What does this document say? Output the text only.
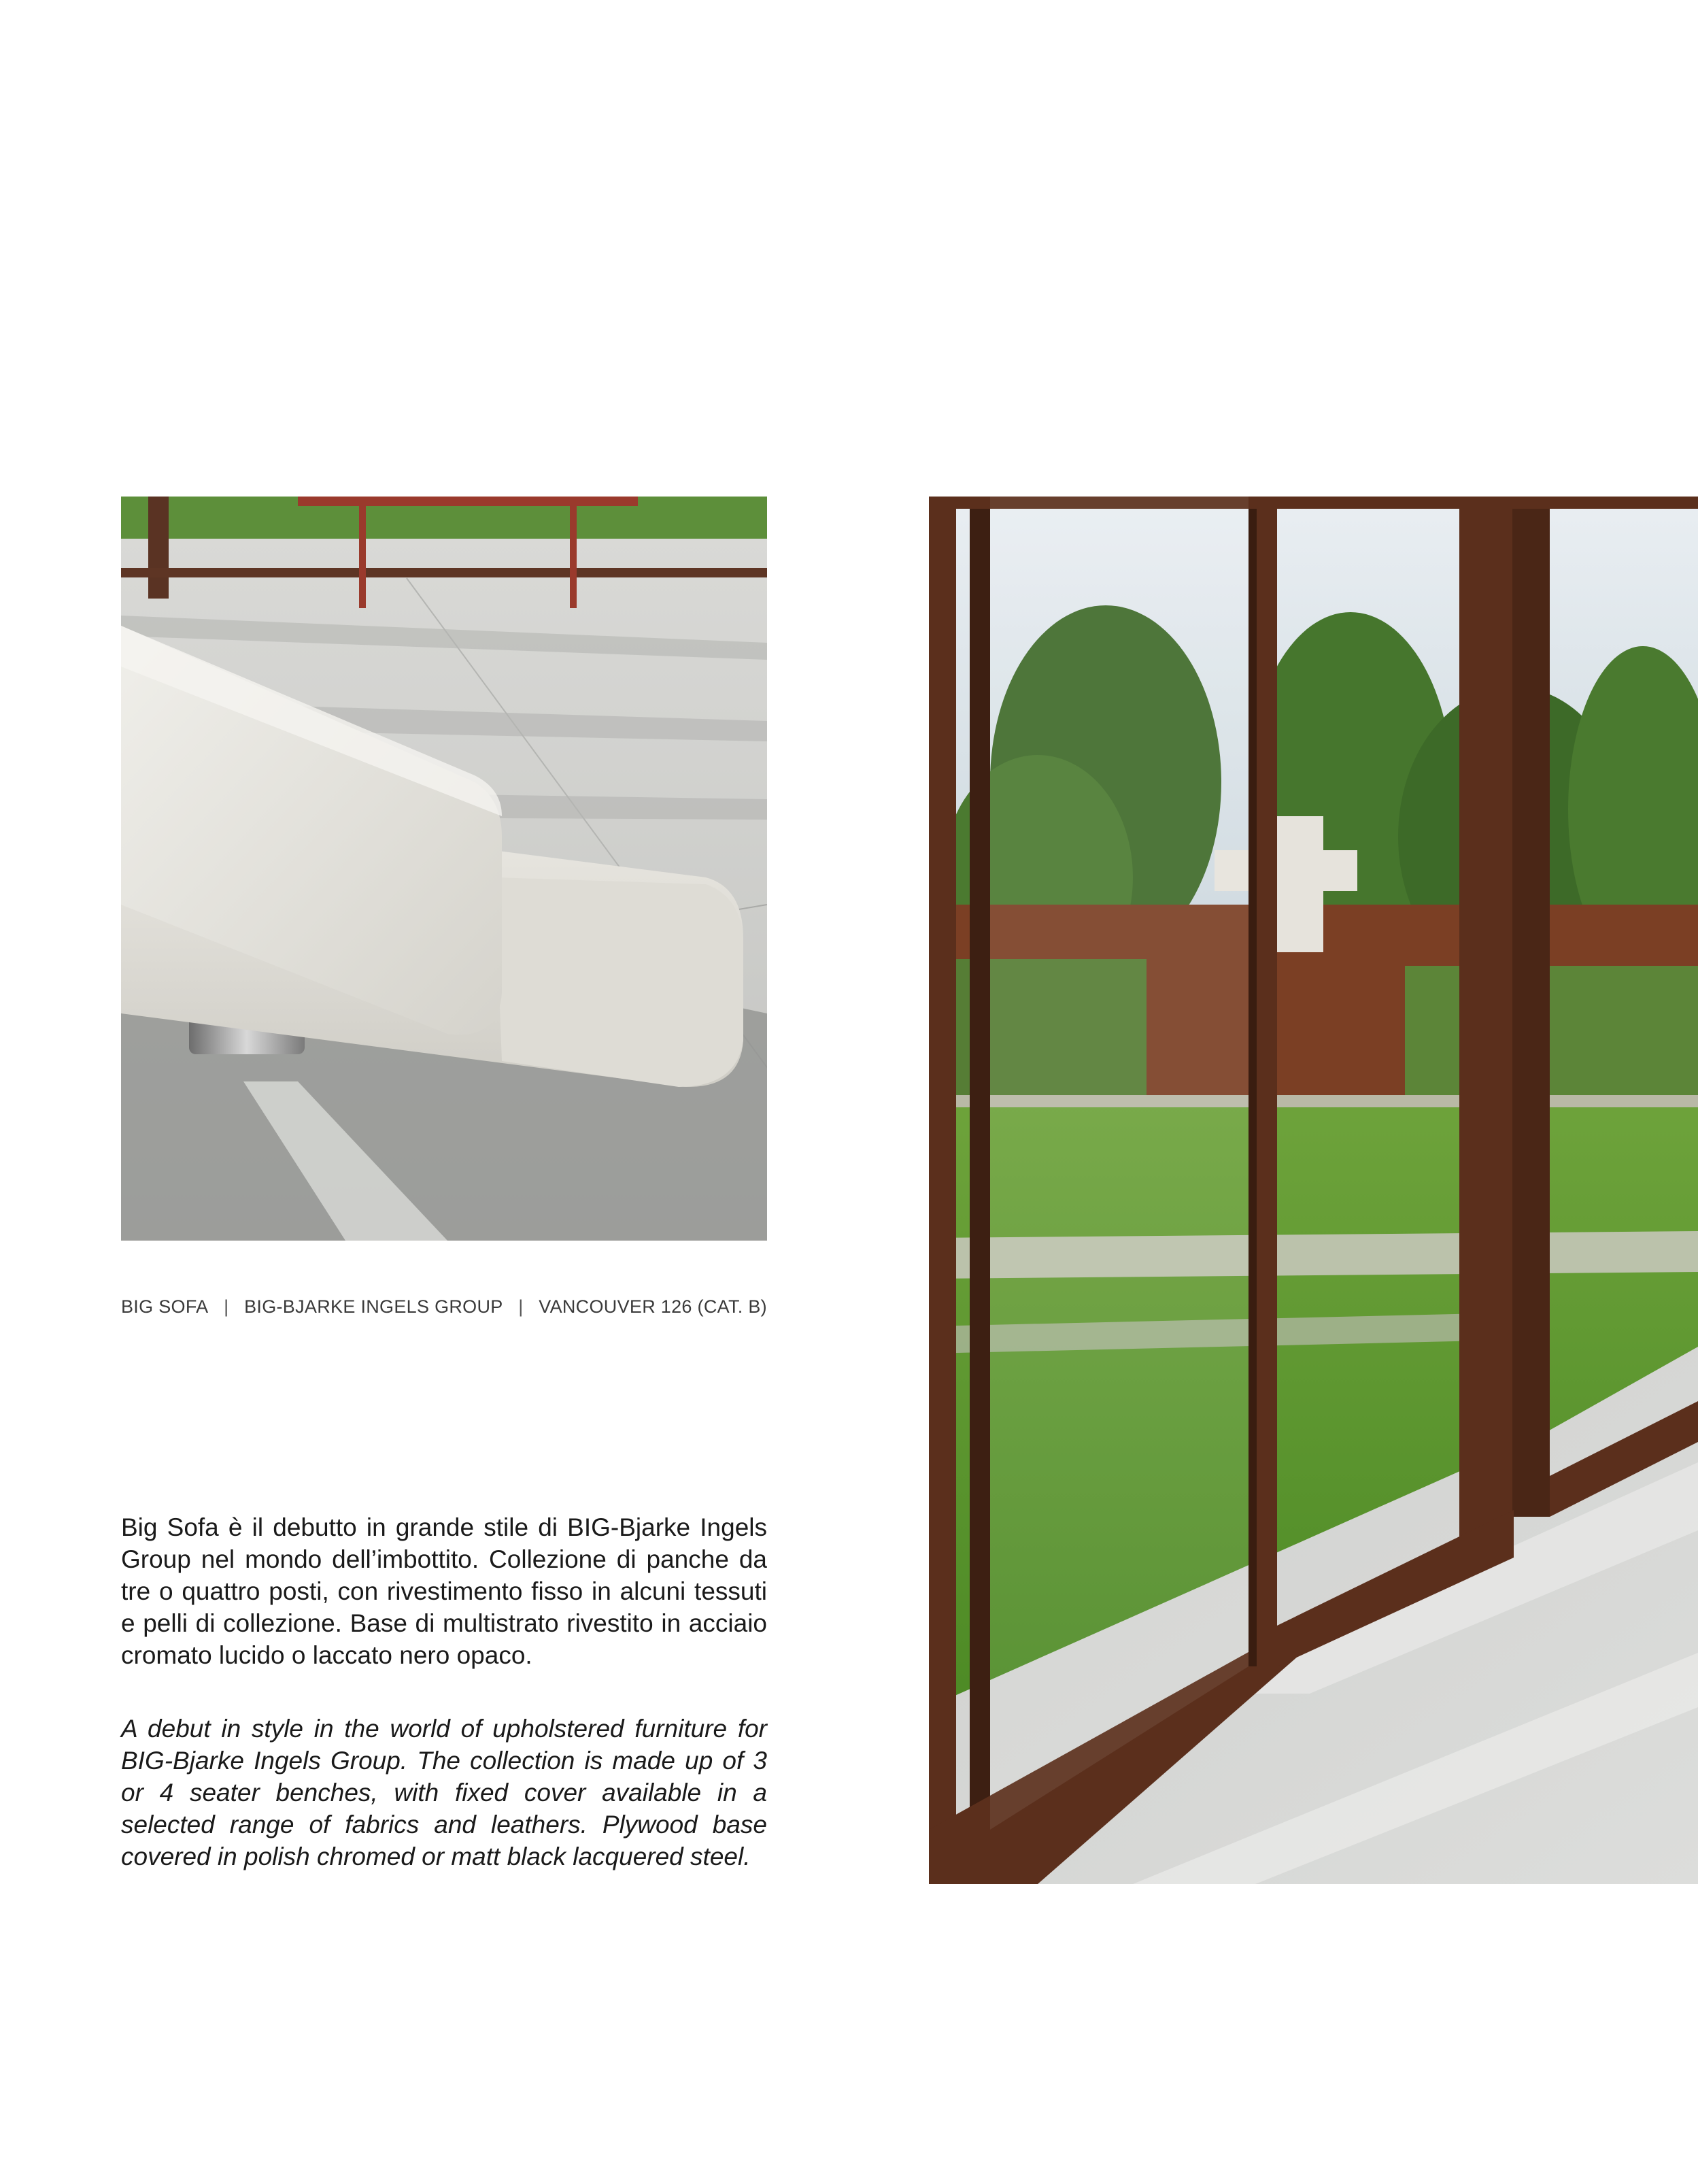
BIG SOFA | BIG-BJARKE INGELS GROUP | VANCOUVER 126 (CAT. B)

Big Sofa è il debutto in grande stile di BIG-Bjarke Ingels Group nel mondo dell’imbottito. Collezione di panche da tre o quattro posti, con rivestimento fisso in alcuni tessuti e pelli di collezione. Base di multistrato rivestito in acciaio cromato lucido o laccato nero opaco.

A debut in style in the world of upholstered furniture for BIG-Bjarke Ingels Group. The collection is made up of 3 or 4 seater benches, with fixed cover available in a selected range of fabrics and leathers. Plywood base covered in polish chromed or matt black lacquered steel.
